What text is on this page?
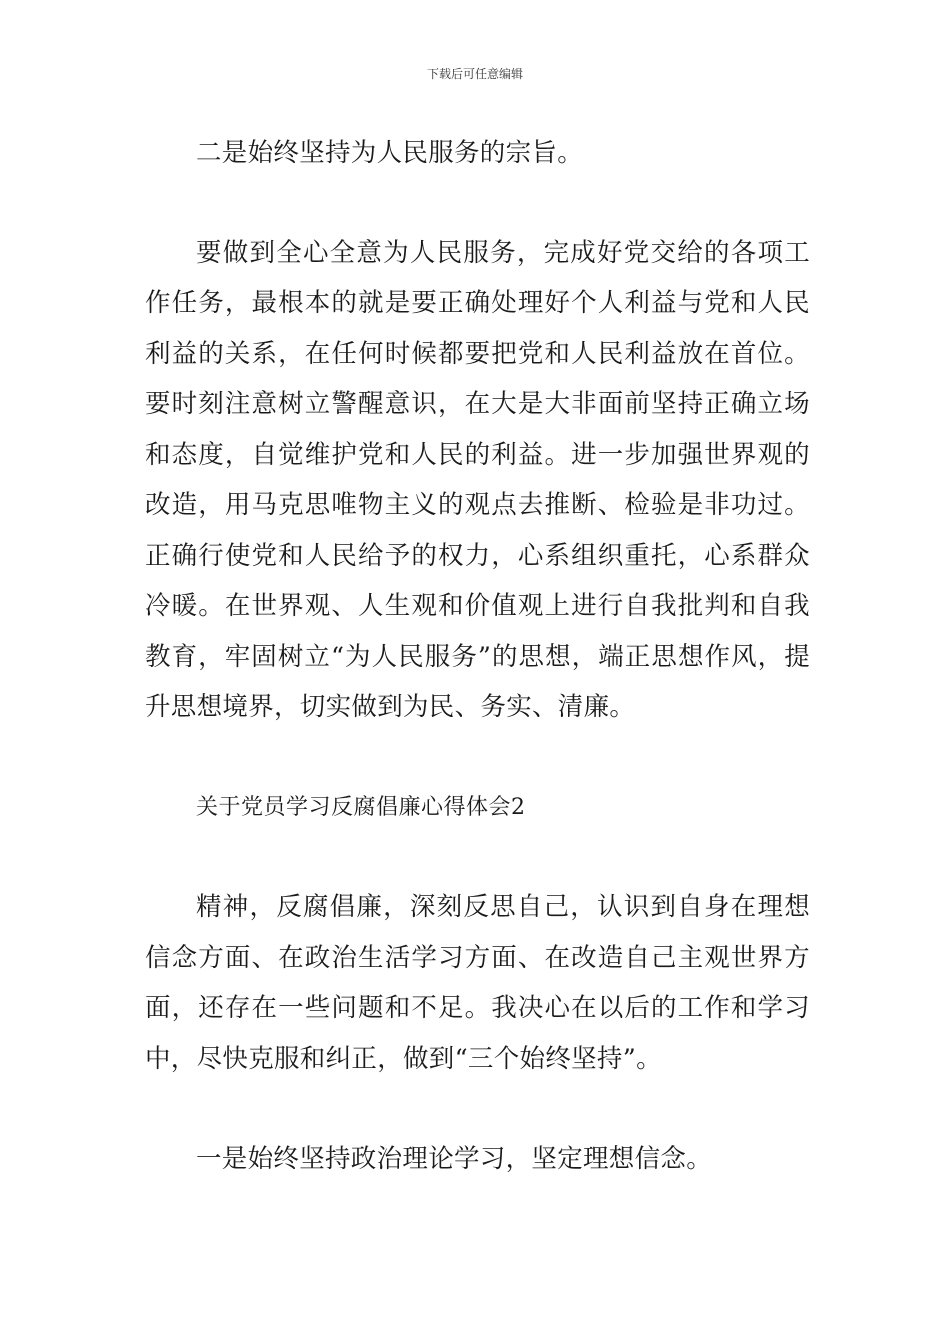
下载后可任意编辑

二是始终坚持为人民服务的宗旨。

要做到全心全意为人民服务，完成好党交给的各项工作任务，最根本的就是要正确处理好个人利益与党和人民利益的关系，在任何时候都要把党和人民利益放在首位。要时刻注意树立警醒意识，在大是大非面前坚持正确立场和态度，自觉维护党和人民的利益。进一步加强世界观的改造，用马克思唯物主义的观点去推断、检验是非功过。正确行使党和人民给予的权力，心系组织重托，心系群众冷暖。在世界观、人生观和价值观上进行自我批判和自我教育，牢固树立“为人民服务”的思想，端正思想作风，提升思想境界，切实做到为民、务实、清廉。

关于党员学习反腐倡廉心得体会2

精神，反腐倡廉，深刻反思自己，认识到自身在理想信念方面、在政治生活学习方面、在改造自己主观世界方面，还存在一些问题和不足。我决心在以后的工作和学习中，尽快克服和纠正，做到“三个始终坚持”。

一是始终坚持政治理论学习，坚定理想信念。
